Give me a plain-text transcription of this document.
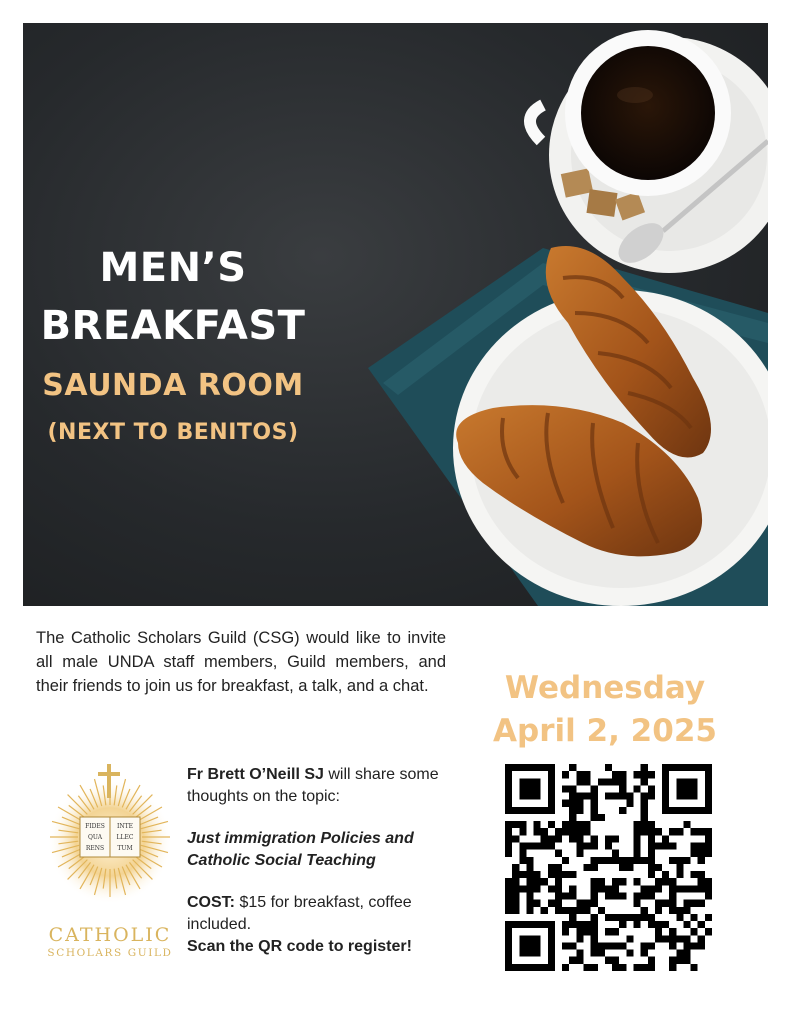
MEN’S
BREAKFAST
SAUNDA ROOM
(NEXT TO BENITOS)
The Catholic Scholars Guild (CSG) would like to invite all male UNDA staff members, Guild members, and their friends to join us for breakfast, a talk, and a chat.	Wednesday
April 2, 2025
FIDES INTE
QUA LLEC
RENS TUM
CATHOLIC
SCHOLARS GUILD

Fr Brett O’Neill SJ will share some thoughts on the topic:

Just immigration Policies and
Catholic Social Teaching

COST: $15 for breakfast, coffee included.

Scan the QR code to register!
